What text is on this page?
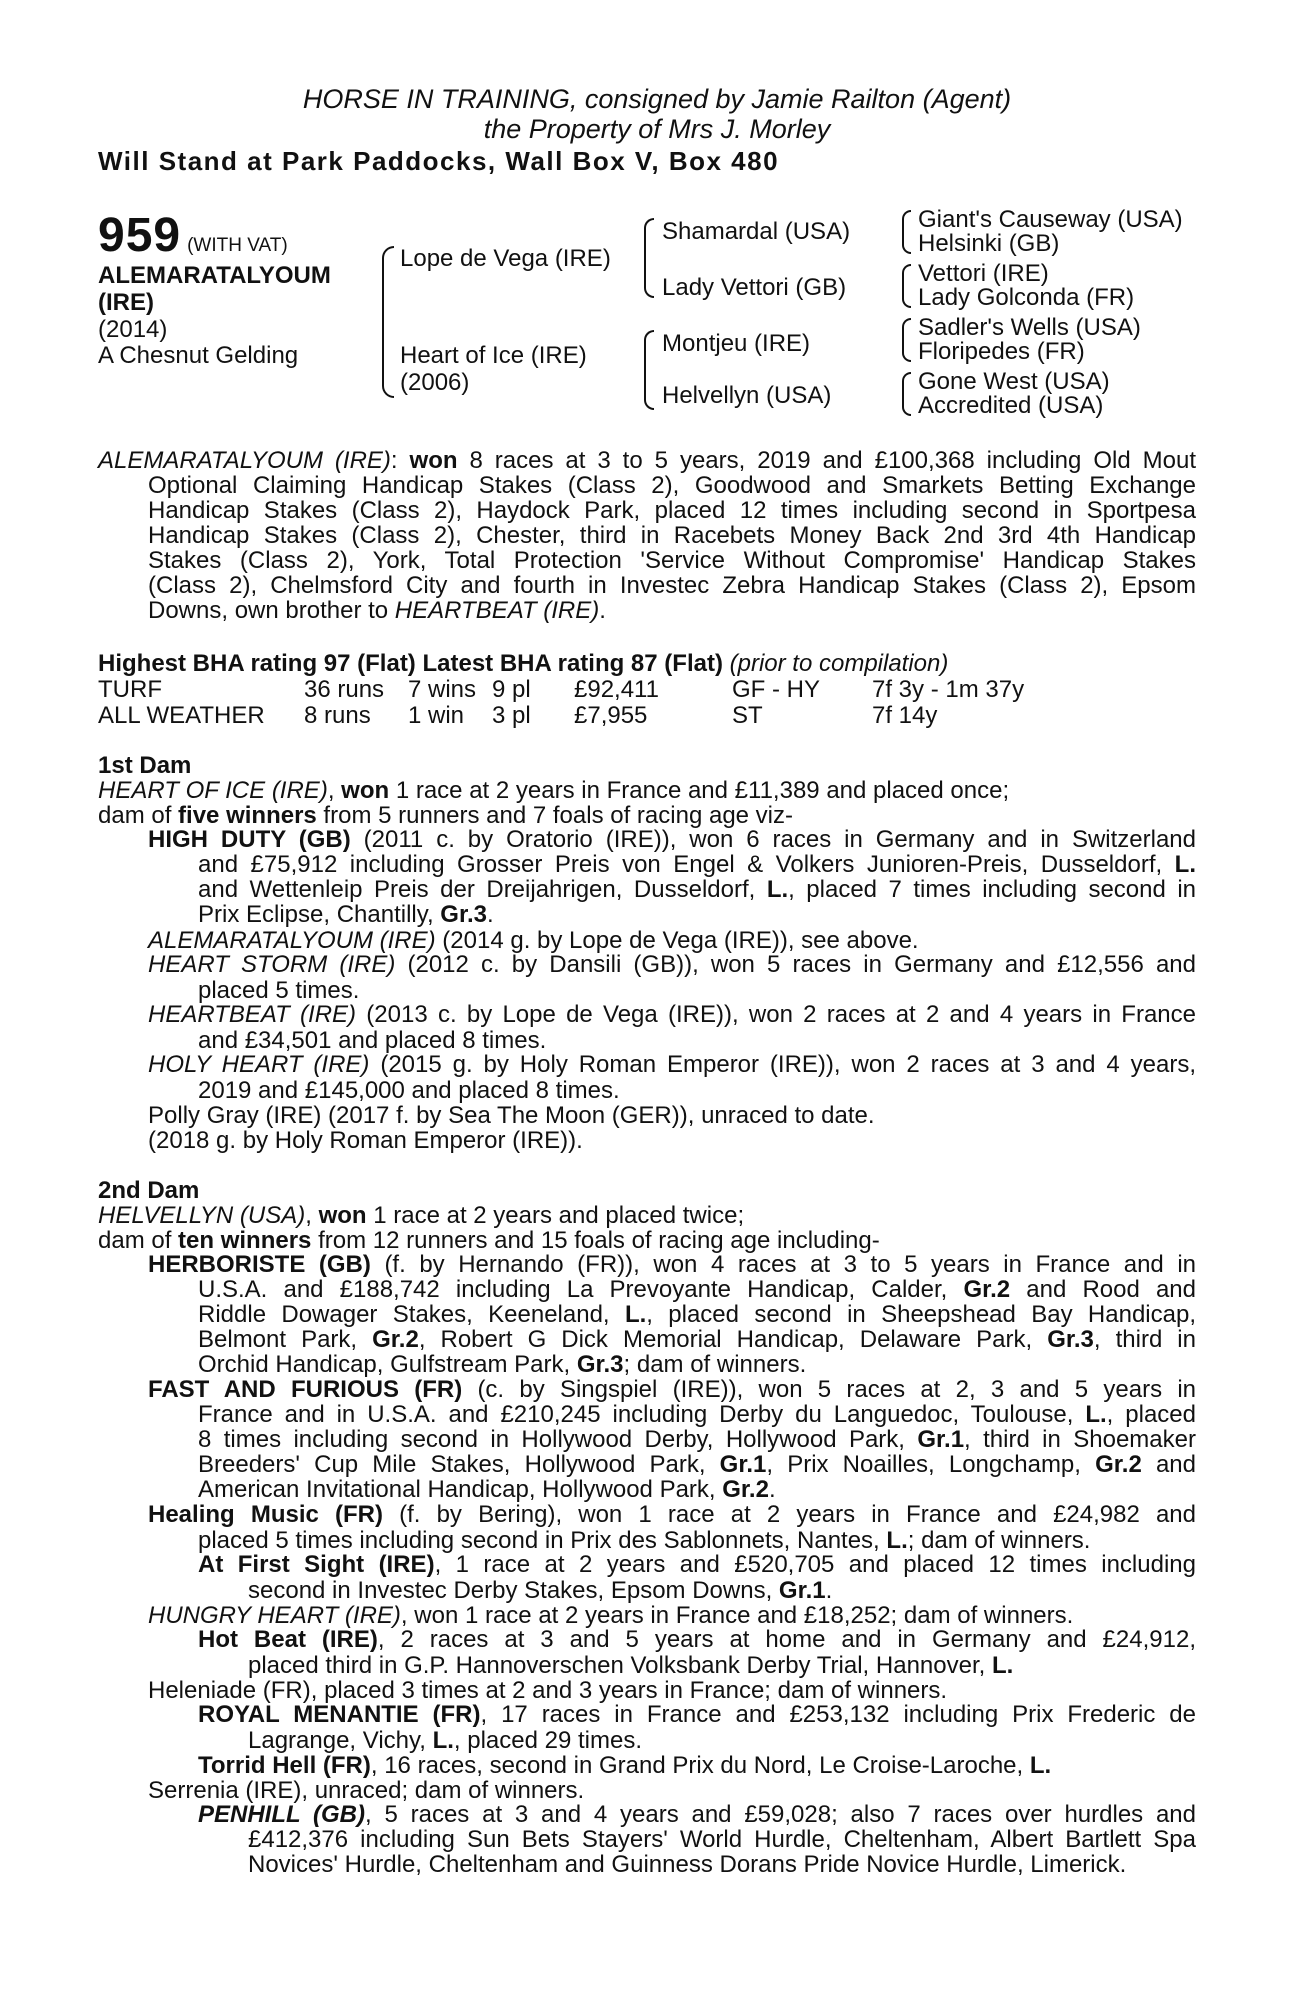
HORSE IN TRAINING, consigned by Jamie Railton (Agent)
the Property of Mrs J. Morley
Will Stand at Park Paddocks, Wall Box V, Box 480
959 (WITH VAT)
ALEMARATALYOUM
(IRE)
(2014)
A Chesnut Gelding
Lope de Vega (IRE)
Heart of Ice (IRE)
(2006)
Shamardal (USA)
Lady Vettori (GB)
Montjeu (IRE)
Helvellyn (USA)
Giant's Causeway (USA)
Helsinki (GB)
Vettori (IRE)
Lady Golconda (FR)
Sadler's Wells (USA)
Floripedes (FR)
Gone West (USA)
Accredited (USA)
ALEMARATALYOUM (IRE): won 8 races at 3 to 5 years, 2019 and £100,368 including Old Mout
Optional Claiming Handicap Stakes (Class 2), Goodwood and Smarkets Betting Exchange
Handicap Stakes (Class 2), Haydock Park, placed 12 times including second in Sportpesa
Handicap Stakes (Class 2), Chester, third in Racebets Money Back 2nd 3rd 4th Handicap
Stakes (Class 2), York, Total Protection 'Service Without Compromise' Handicap Stakes
(Class 2), Chelmsford City and fourth in Investec Zebra Handicap Stakes (Class 2), Epsom
Downs, own brother to HEARTBEAT (IRE).
Highest BHA rating 97 (Flat) Latest BHA rating 87 (Flat) (prior to compilation)
TURF	36 runs 7 wins 9 pl £92,411	GF - HY 7f 3y - 1m 37y
ALL WEATHER 8 runs 1 win 3 pl £7,955	ST	7f 14y
1st Dam
HEART OF ICE (IRE), won 1 race at 2 years in France and £11,389 and placed once;
dam of five winners from 5 runners and 7 foals of racing age viz-
HIGH DUTY (GB) (2011 c. by Oratorio (IRE)), won 6 races in Germany and in Switzerland
and £75,912 including Grosser Preis von Engel & Volkers Junioren-Preis, Dusseldorf, L.
and Wettenleip Preis der Dreijahrigen, Dusseldorf, L., placed 7 times including second in
Prix Eclipse, Chantilly, Gr.3.
ALEMARATALYOUM (IRE) (2014 g. by Lope de Vega (IRE)), see above.
HEART STORM (IRE) (2012 c. by Dansili (GB)), won 5 races in Germany and £12,556 and
placed 5 times.
HEARTBEAT (IRE) (2013 c. by Lope de Vega (IRE)), won 2 races at 2 and 4 years in France
and £34,501 and placed 8 times.
HOLY HEART (IRE) (2015 g. by Holy Roman Emperor (IRE)), won 2 races at 3 and 4 years,
2019 and £145,000 and placed 8 times.
Polly Gray (IRE) (2017 f. by Sea The Moon (GER)), unraced to date.
(2018 g. by Holy Roman Emperor (IRE)).
2nd Dam
HELVELLYN (USA), won 1 race at 2 years and placed twice;
dam of ten winners from 12 runners and 15 foals of racing age including-
HERBORISTE (GB) (f. by Hernando (FR)), won 4 races at 3 to 5 years in France and in
U.S.A. and £188,742 including La Prevoyante Handicap, Calder, Gr.2 and Rood and
Riddle Dowager Stakes, Keeneland, L., placed second in Sheepshead Bay Handicap,
Belmont Park, Gr.2, Robert G Dick Memorial Handicap, Delaware Park, Gr.3, third in
Orchid Handicap, Gulfstream Park, Gr.3; dam of winners.
FAST AND FURIOUS (FR) (c. by Singspiel (IRE)), won 5 races at 2, 3 and 5 years in
France and in U.S.A. and £210,245 including Derby du Languedoc, Toulouse, L., placed
8 times including second in Hollywood Derby, Hollywood Park, Gr.1, third in Shoemaker
Breeders' Cup Mile Stakes, Hollywood Park, Gr.1, Prix Noailles, Longchamp, Gr.2 and
American Invitational Handicap, Hollywood Park, Gr.2.
Healing Music (FR) (f. by Bering), won 1 race at 2 years in France and £24,982 and
placed 5 times including second in Prix des Sablonnets, Nantes, L.; dam of winners.
At First Sight (IRE), 1 race at 2 years and £520,705 and placed 12 times including
second in Investec Derby Stakes, Epsom Downs, Gr.1.
HUNGRY HEART (IRE), won 1 race at 2 years in France and £18,252; dam of winners.
Hot Beat (IRE), 2 races at 3 and 5 years at home and in Germany and £24,912,
placed third in G.P. Hannoverschen Volksbank Derby Trial, Hannover, L.
Heleniade (FR), placed 3 times at 2 and 3 years in France; dam of winners.
ROYAL MENANTIE (FR), 17 races in France and £253,132 including Prix Frederic de
Lagrange, Vichy, L., placed 29 times.
Torrid Hell (FR), 16 races, second in Grand Prix du Nord, Le Croise-Laroche, L.
Serrenia (IRE), unraced; dam of winners.
PENHILL (GB), 5 races at 3 and 4 years and £59,028; also 7 races over hurdles and
£412,376 including Sun Bets Stayers' World Hurdle, Cheltenham, Albert Bartlett Spa
Novices' Hurdle, Cheltenham and Guinness Dorans Pride Novice Hurdle, Limerick.
